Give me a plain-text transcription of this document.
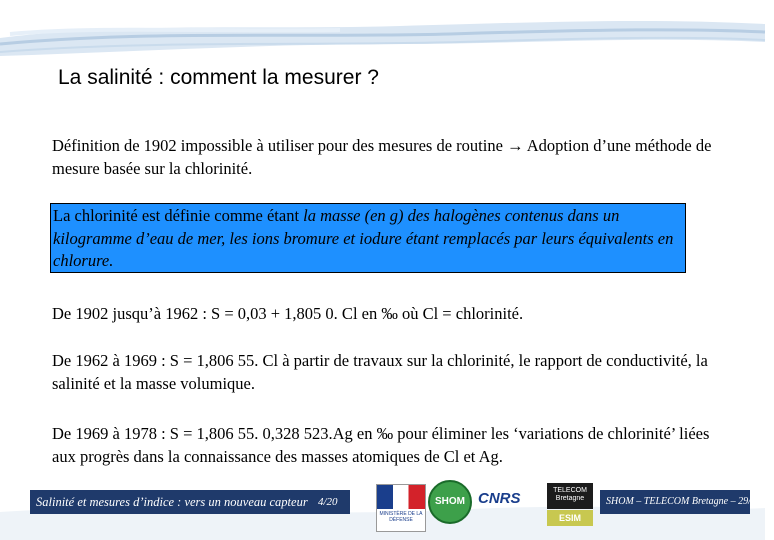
La salinité : comment la mesurer ?

Définition de 1902 impossible à utiliser pour des mesures de routine → Adoption d’une méthode de mesure basée sur la chlorinité.

La chlorinité est définie comme étant la masse (en g) des halogènes contenus dans un kilogramme d’eau de mer, les ions bromure et iodure étant remplacés par leurs équivalents en chlorure.

De 1902 jusqu’à 1962 : S = 0,03 + 1,805 0. Cl en ‰ où Cl = chlorinité.

De 1962 à 1969 : S = 1,806 55. Cl à partir de travaux sur la chlorinité, le rapport de conductivité, la salinité et la masse volumique.

De 1969 à 1978 : S = 1,806 55. 0,328 523.Ag en ‰ pour éliminer les ‘variations de chlorinité’ liées aux progrès dans la connaissance des masses atomiques de Cl et Ag.

Salinité et mesures d’indice : vers un nouveau capteur 4/20
MINISTÈRE DE LA DÉFENSE
SHOM CNRS	TELECOM Bretagne
ESIM
SHOM – TELECOM Bretagne – 29/05/08
